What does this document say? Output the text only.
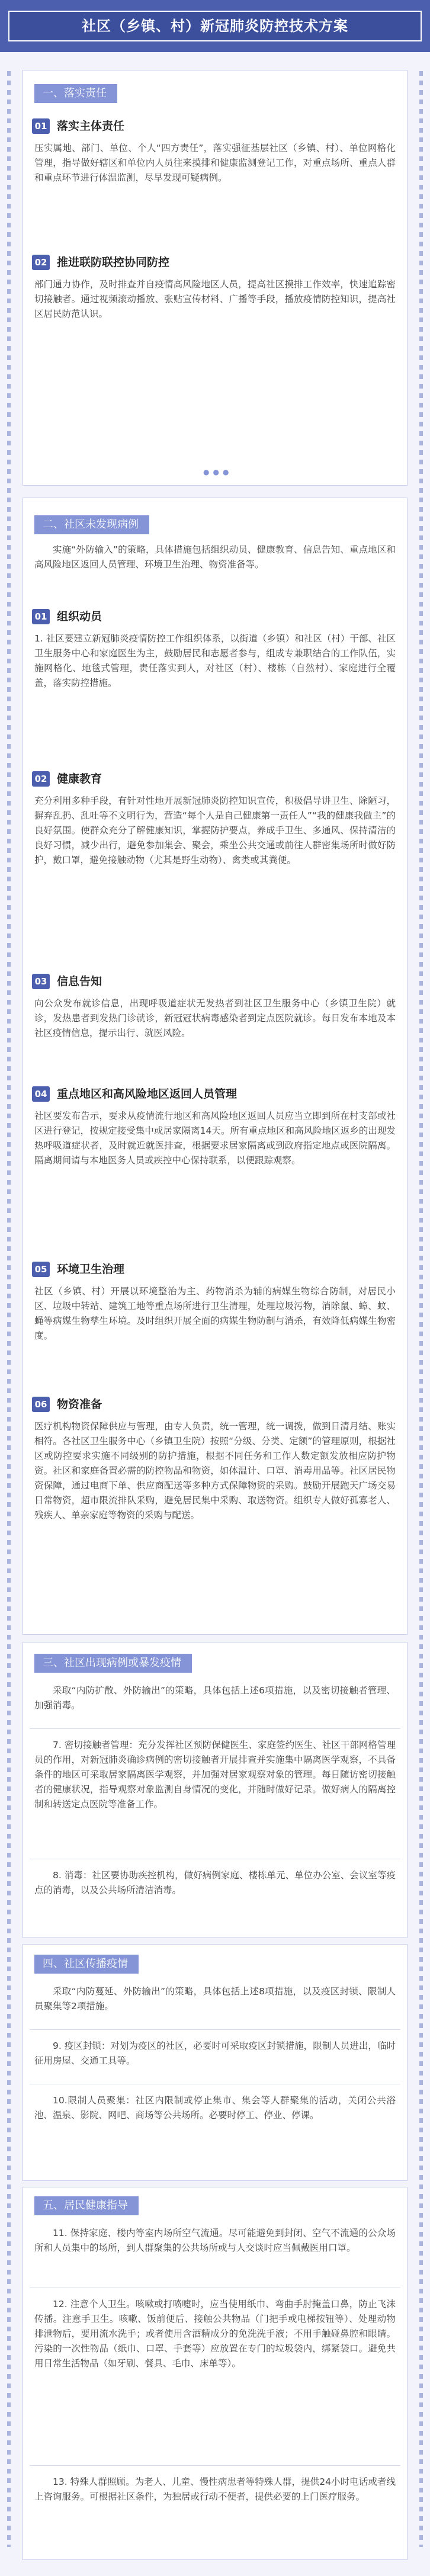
社区（乡镇、村）新冠肺炎防控技术方案
一、落实责任
01 落实主体责任

压实属地、部门、单位、个人“四方责任”，落实强征基层社区（乡镇、村）、单位网格化管理，指导做好辖区和单位内人员往来摸排和健康监测登记工作，对重点场所、重点人群和重点环节进行体温监测，尽早发现可疑病例。

02 推进联防联控协同防控

部门通力协作，及时排查并自疫情高风险地区人员，提高社区摸排工作效率，快速追踪密切接触者。通过视频滚动播放、张贴宣传材料、广播等手段，播放疫情防控知识，提高社区居民防范认识。

●●●
二、社区未发现病例

实施“外防输入”的策略，具体措施包括组织动员、健康教育、信息告知、重点地区和高风险地区返回人员管理、环境卫生治理、物资准备等。

01 组织动员

1. 社区要建立新冠肺炎疫情防控工作组织体系，以街道（乡镇）和社区（村）干部、社区卫生服务中心和家庭医生为主，鼓励居民和志愿者参与，组成专兼职结合的工作队伍，实施网格化、地毯式管理，责任落实到人，对社区（村）、楼栋（自然村）、家庭进行全覆盖，落实防控措施。

02 健康教育

充分利用多种手段，有针对性地开展新冠肺炎防控知识宣传，积极倡导讲卫生、除陋习，摒弃乱扔、乱吐等不文明行为，营造“每个人是自己健康第一责任人”“我的健康我做主”的良好氛围。使群众充分了解健康知识，掌握防护要点，养成手卫生、多通风、保持清洁的良好习惯，减少出行，避免参加集会、聚会，乘坐公共交通或前往人群密集场所时做好防护，戴口罩，避免接触动物（尤其是野生动物）、禽类或其粪便。

03 信息告知

向公众发布就诊信息，出现呼吸道症状无发热者到社区卫生服务中心（乡镇卫生院）就诊，发热患者到发热门诊就诊，新冠冠状病毒感染者到定点医院就诊。每日发布本地及本社区疫情信息，提示出行、就医风险。

04 重点地区和高风险地区返回人员管理

社区要发布告示，要求从疫情流行地区和高风险地区返回人员应当立即到所在村支部或社区进行登记，按规定接受集中或居家隔离14天。所有重点地区和高风险地区返乡的出现发热呼吸道症状者，及时就近就医排查，根据要求居家隔离或到政府指定地点或医院隔离。隔离期间请与本地医务人员或疾控中心保持联系，以便跟踪观察。

05 环境卫生治理

社区（乡镇、村）开展以环境整治为主、药物消杀为辅的病媒生物综合防制，对居民小区、垃圾中转站、建筑工地等重点场所进行卫生清理，处理垃圾污物，消除鼠、蟑、蚊、蝇等病媒生物孳生环境。及时组织开展全面的病媒生物防制与消杀，有效降低病媒生物密度。

06 物资准备

医疗机构物资保障供应与管理，由专人负责，统一管理，统一调拨，做到日清月结、账实相符。各社区卫生服务中心（乡镇卫生院）按照“分级、分类、定额”的管理原则，根据社区或防控要求实施不同级别的防护措施，根据不同任务和工作人数定额发放相应防护物资。社区和家庭备置必需的防控物品和物资，如体温计、口罩、消毒用品等。社区居民物资保障，通过电商下单、供应商配送等多种方式保障物资的采购。鼓励开展跑天广场交易日常物资，超市限流排队采购，避免居民集中采购、取送物资。组织专人做好孤寡老人、残疾人、单亲家庭等物资的采购与配送。

三、社区出现病例或暴发疫情

采取“内防扩散、外防输出”的策略，具体包括上述6项措施，以及密切接触者管理、加强消毒。

7. 密切接触者管理：充分发挥社区预防保健医生、家庭签约医生、社区干部网格管理员的作用，对新冠肺炎确诊病例的密切接触者开展排查并实施集中隔离医学观察，不具备条件的地区可采取居家隔离医学观察，并加强对居家观察对象的管理。每日随访密切接触者的健康状况，指导观察对象监测自身情况的变化，并随时做好记录。做好病人的隔离控制和转送定点医院等准备工作。

8. 消毒：社区要协助疾控机构，做好病例家庭、楼栋单元、单位办公室、会议室等疫点的消毒，以及公共场所清洁消毒。

四、社区传播疫情

采取“内防蔓延、外防输出”的策略，具体包括上述8项措施，以及疫区封锁、限制人员聚集等2项措施。

9. 疫区封锁：对划为疫区的社区，必要时可采取疫区封锁措施，限制人员进出，临时征用房屋、交通工具等。

10.限制人员聚集：社区内限制或停止集市、集会等人群聚集的活动，关闭公共浴池、温泉、影院、网吧、商场等公共场所。必要时停工、停业、停课。

五、居民健康指导

11. 保持家庭、楼内等室内场所空气流通。尽可能避免到封闭、空气不流通的公众场所和人员集中的场所，到人群聚集的公共场所或与人交谈时应当佩戴医用口罩。

12. 注意个人卫生。咳嗽或打喷嚏时，应当使用纸巾、弯曲手肘掩盖口鼻，防止飞沫传播。注意手卫生。咳嗽、饭前便后、接触公共物品（门把手或电梯按钮等）、处理动物排泄物后，要用流水洗手；或者使用含酒精成分的免洗洗手液；不用手触碰鼻腔和眼睛。污染的一次性物品（纸巾、口罩、手套等）应放置在专门的垃圾袋内，绑紧袋口。避免共用日常生活物品（如牙刷、餐具、毛巾、床单等）。

13. 特殊人群照顾。为老人、儿童、慢性病患者等特殊人群，提供24小时电话或者线上咨询服务。可根据社区条件，为独居或行动不便者，提供必要的上门医疗服务。
